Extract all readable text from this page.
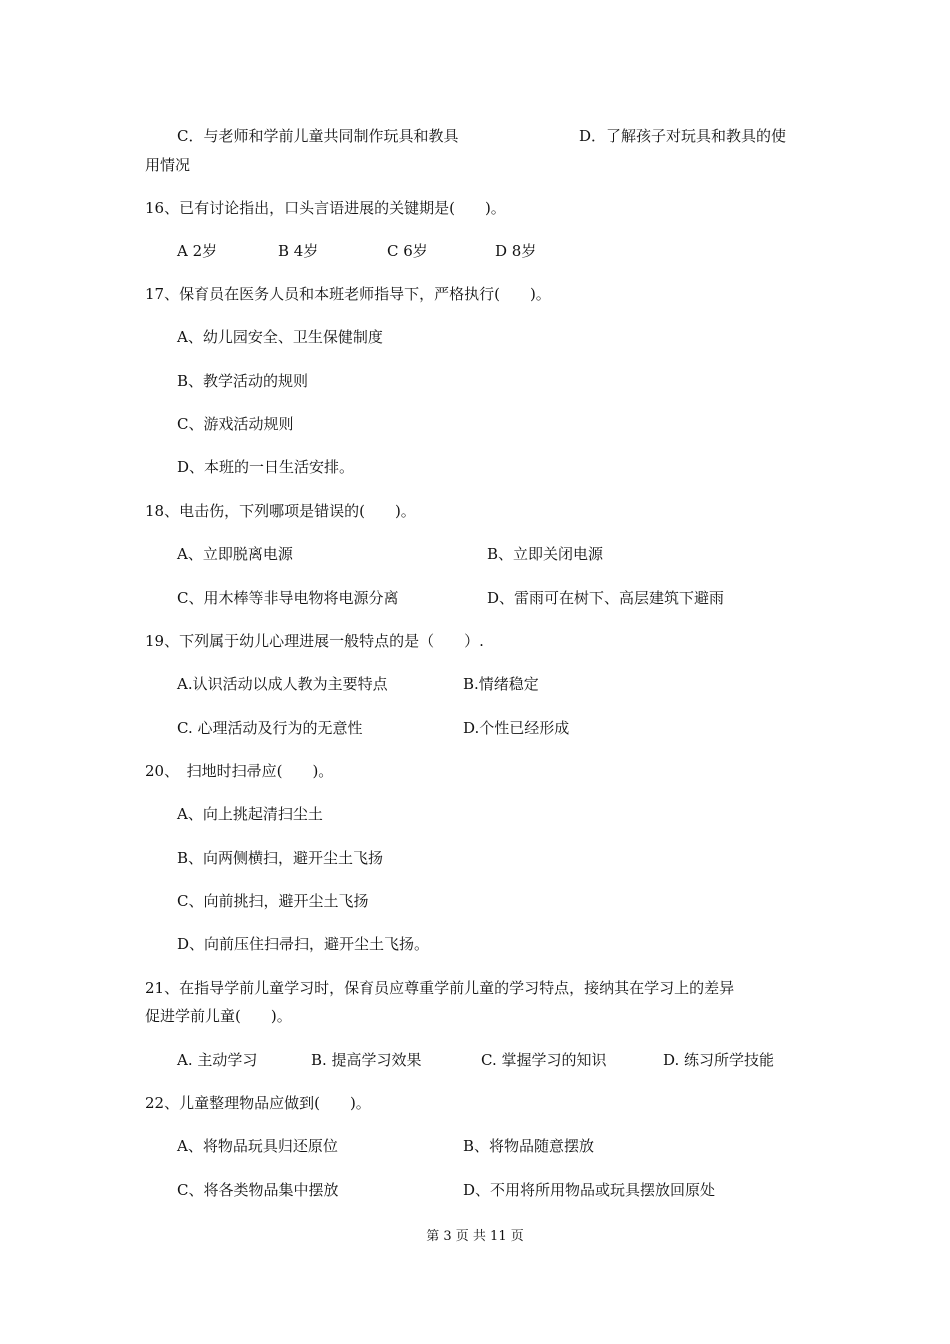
C．与老师和学前儿童共同制作玩具和教具	D．了解孩子对玩具和教具的使
用情况
16、已有讨论指出，口头言语进展的关键期是(　　)。
A 2岁	B 4岁	C 6岁	D 8岁
17、保育员在医务人员和本班老师指导下，严格执行(　　)。
A、幼儿园安全、卫生保健制度
B、教学活动的规则
C、游戏活动规则
D、本班的一日生活安排。
18、电击伤，下列哪项是错误的(　　)。
A、立即脱离电源	B、立即关闭电源
C、用木棒等非导电物将电源分离	D、雷雨可在树下、高层建筑下避雨
19、下列属于幼儿心理进展一般特点的是（　　）.
A.认识活动以成人教为主要特点	B.情绪稳定
C. 心理活动及行为的无意性	D.个性已经形成
20、　扫地时扫帚应(　　)。
A、向上挑起清扫尘土
B、向两侧横扫，避开尘土飞扬
C、向前挑扫，避开尘土飞扬
D、向前压住扫帚扫，避开尘土飞扬。
21、在指导学前儿童学习时，保育员应尊重学前儿童的学习特点，接纳其在学习上的差异
促进学前儿童(　　)。
A. 主动学习	B. 提高学习效果	C. 掌握学习的知识	D. 练习所学技能
22、儿童整理物品应做到(　　)。
A、将物品玩具归还原位	B、将物品随意摆放
C、将各类物品集中摆放	D、不用将所用物品或玩具摆放回原处
第 3 页 共 11 页
